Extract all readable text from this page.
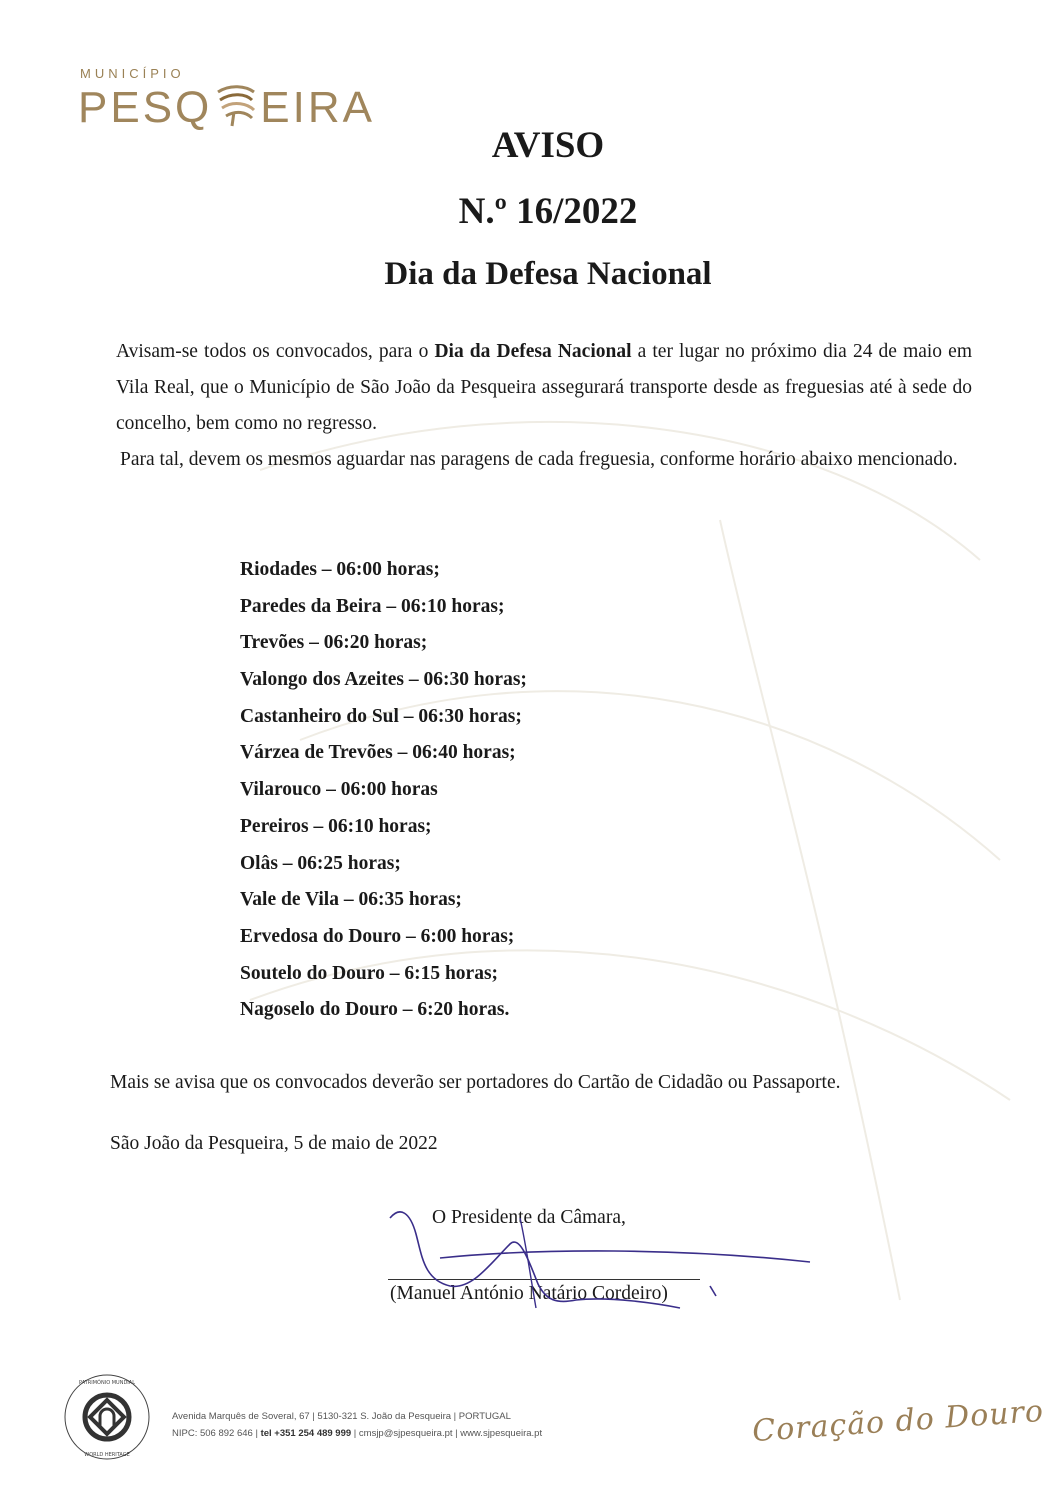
MUNICÍPIO
PESQ EIRA
AVISO
N.º 16/2022
Dia da Defesa Nacional

Avisam-se todos os convocados, para o Dia da Defesa Nacional a ter lugar no próximo dia 24 de maio em Vila Real, que o Município de São João da Pesqueira assegurará transporte desde as freguesias até à sede do concelho, bem como no regresso.

Para tal, devem os mesmos aguardar nas paragens de cada freguesia, conforme horário abaixo mencionado.

Riodades – 06:00 horas;
Paredes da Beira – 06:10 horas;
Trevões – 06:20 horas;
Valongo dos Azeites – 06:30 horas;
Castanheiro do Sul – 06:30 horas;
Várzea de Trevões – 06:40 horas;
Vilarouco – 06:00 horas
Pereiros – 06:10 horas;
Olâs – 06:25 horas;
Vale de Vila – 06:35 horas;
Ervedosa do Douro – 6:00 horas;
Soutelo do Douro – 6:15 horas;
Nagoselo do Douro – 6:20 horas.
Mais se avisa que os convocados deverão ser portadores do Cartão de Cidadão ou Passaporte.
São João da Pesqueira, 5 de maio de 2022
O Presidente da Câmara,
(Manuel António Natário Cordeiro)
PATRIMÓNIO MUNDIAL
WORLD HERITAGE
Avenida Marquês de Soveral, 67 | 5130-321 S. João da Pesqueira | PORTUGAL
NIPC: 506 892 646 | tel +351 254 489 999 | cmsjp@sjpesqueira.pt | www.sjpesqueira.pt	Coração do Douro
